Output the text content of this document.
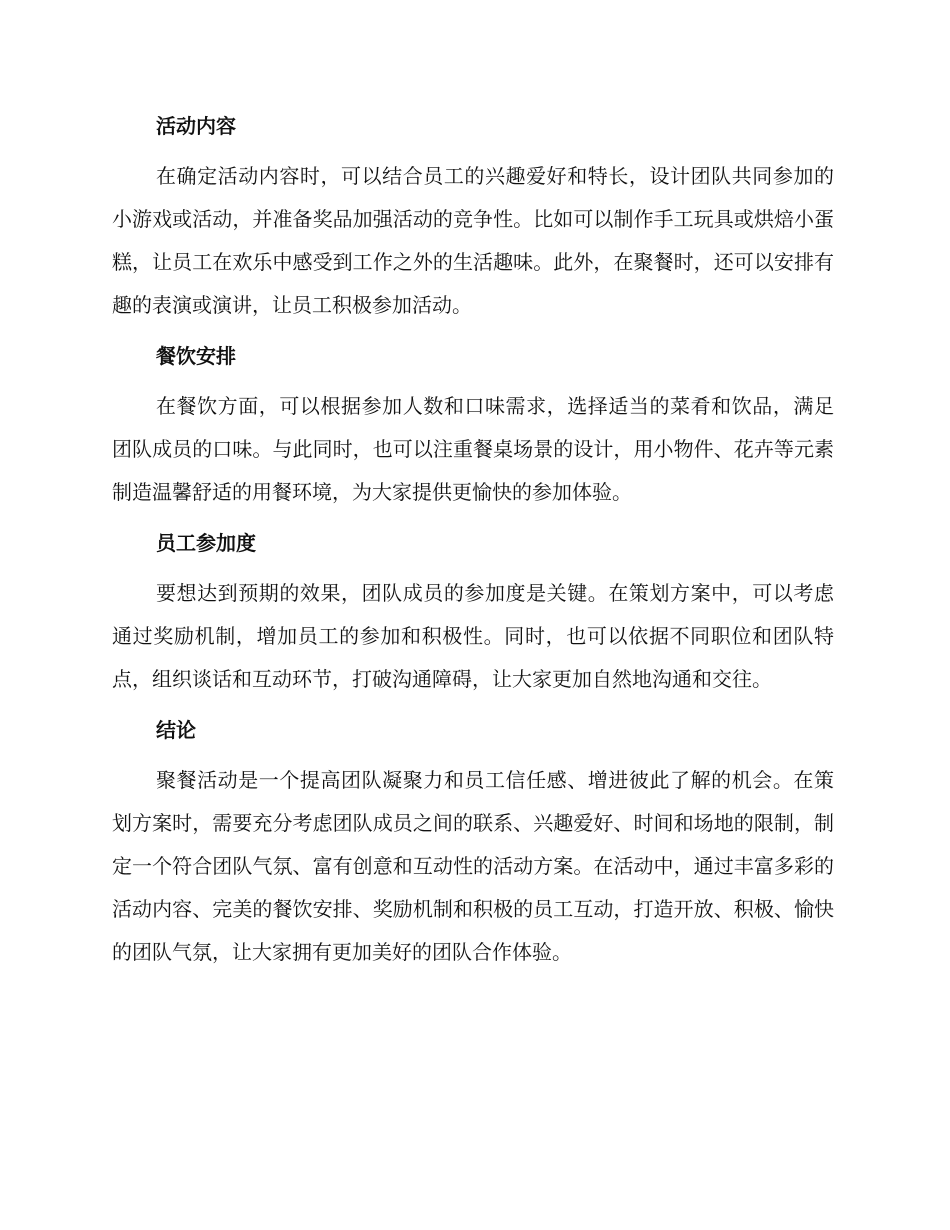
活动内容

在确定活动内容时，可以结合员工的兴趣爱好和特长，设计团队共同参加的小游戏或活动，并准备奖品加强活动的竞争性。比如可以制作手工玩具或烘焙小蛋糕，让员工在欢乐中感受到工作之外的生活趣味。此外，在聚餐时，还可以安排有趣的表演或演讲，让员工积极参加活动。

餐饮安排

在餐饮方面，可以根据参加人数和口味需求，选择适当的菜肴和饮品，满足团队成员的口味。与此同时，也可以注重餐桌场景的设计，用小物件、花卉等元素制造温馨舒适的用餐环境，为大家提供更愉快的参加体验。

员工参加度

要想达到预期的效果，团队成员的参加度是关键。在策划方案中，可以考虑通过奖励机制，增加员工的参加和积极性。同时，也可以依据不同职位和团队特点，组织谈话和互动环节，打破沟通障碍，让大家更加自然地沟通和交往。

结论

聚餐活动是一个提高团队凝聚力和员工信任感、增进彼此了解的机会。在策划方案时，需要充分考虑团队成员之间的联系、兴趣爱好、时间和场地的限制，制定一个符合团队气氛、富有创意和互动性的活动方案。在活动中，通过丰富多彩的活动内容、完美的餐饮安排、奖励机制和积极的员工互动，打造开放、积极、愉快的团队气氛，让大家拥有更加美好的团队合作体验。
